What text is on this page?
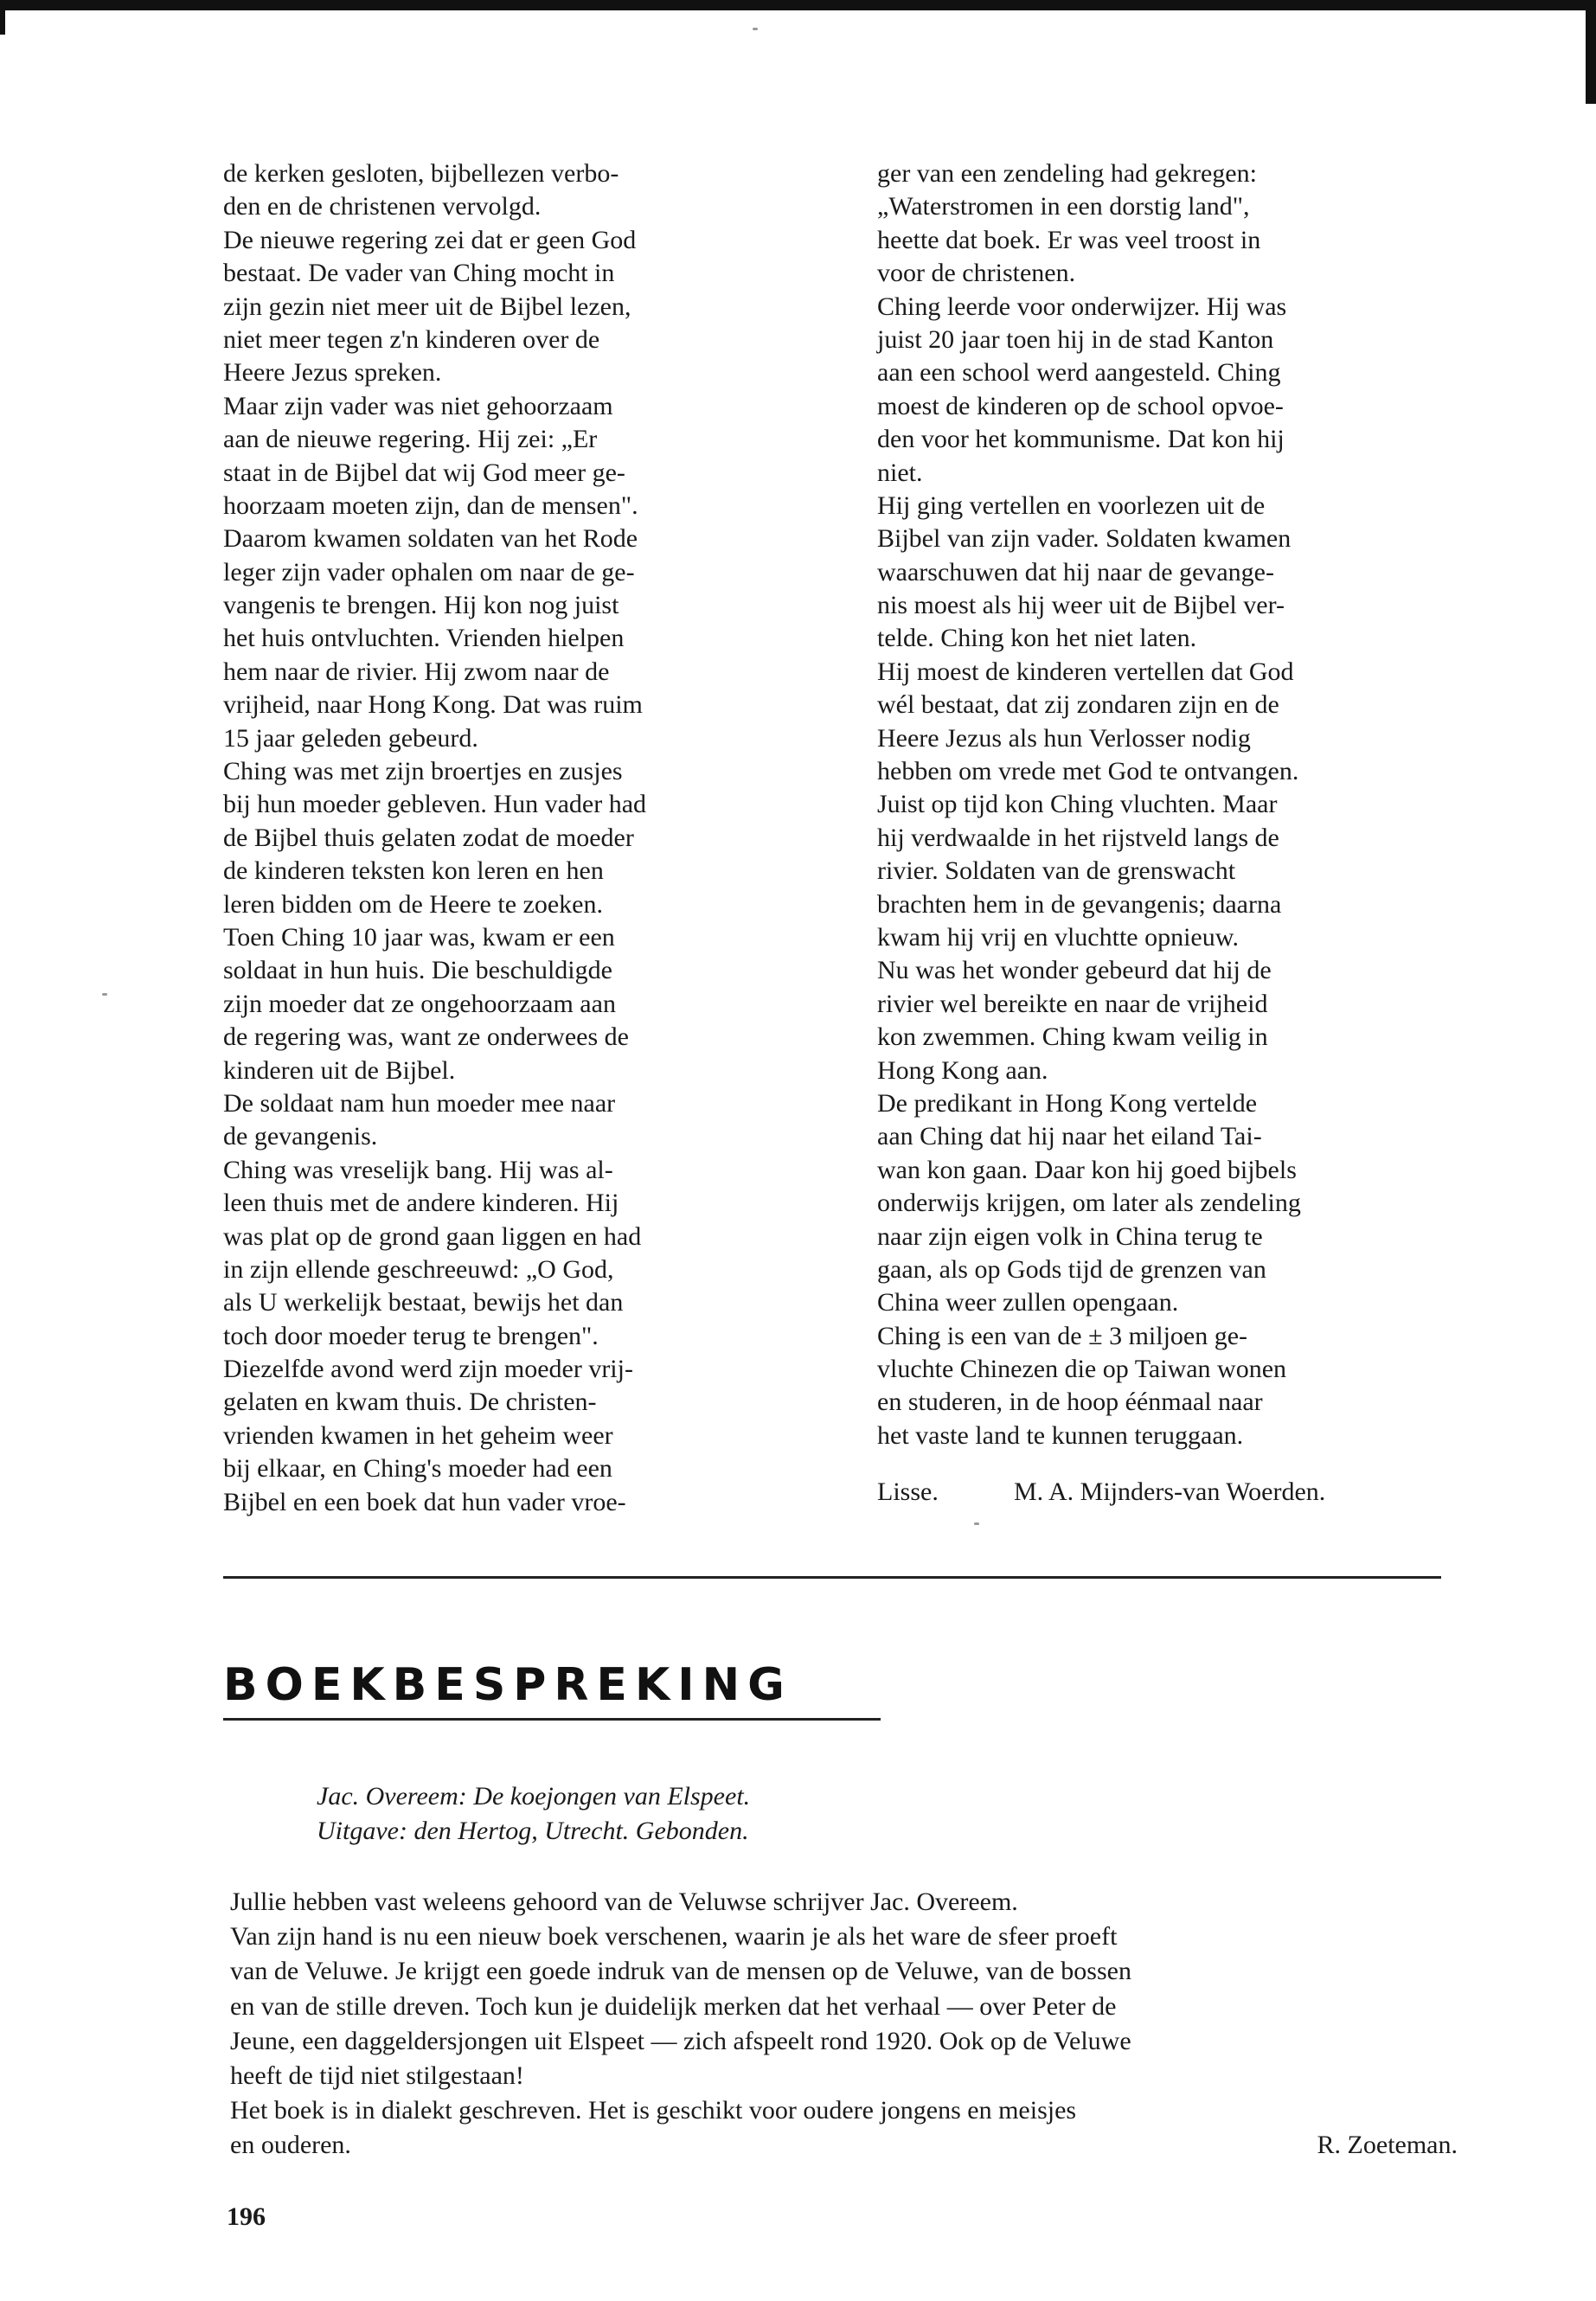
de kerken gesloten, bijbellezen verbo-
den en de christenen vervolgd.
De nieuwe regering zei dat er geen God
bestaat. De vader van Ching mocht in
zijn gezin niet meer uit de Bijbel lezen,
niet meer tegen z'n kinderen over de
Heere Jezus spreken.
Maar zijn vader was niet gehoorzaam
aan de nieuwe regering. Hij zei: „Er
staat in de Bijbel dat wij God meer ge-
hoorzaam moeten zijn, dan de mensen".
Daarom kwamen soldaten van het Rode
leger zijn vader ophalen om naar de ge-
vangenis te brengen. Hij kon nog juist
het huis ontvluchten. Vrienden hielpen
hem naar de rivier. Hij zwom naar de
vrijheid, naar Hong Kong. Dat was ruim
15 jaar geleden gebeurd.
Ching was met zijn broertjes en zusjes
bij hun moeder gebleven. Hun vader had
de Bijbel thuis gelaten zodat de moeder
de kinderen teksten kon leren en hen
leren bidden om de Heere te zoeken.
Toen Ching 10 jaar was, kwam er een
soldaat in hun huis. Die beschuldigde
zijn moeder dat ze ongehoorzaam aan
de regering was, want ze onderwees de
kinderen uit de Bijbel.
De soldaat nam hun moeder mee naar
de gevangenis.
Ching was vreselijk bang. Hij was al-
leen thuis met de andere kinderen. Hij
was plat op de grond gaan liggen en had
in zijn ellende geschreeuwd: „O God,
als U werkelijk bestaat, bewijs het dan
toch door moeder terug te brengen".
Diezelfde avond werd zijn moeder vrij-
gelaten en kwam thuis. De christen-
vrienden kwamen in het geheim weer
bij elkaar, en Ching's moeder had een
Bijbel en een boek dat hun vader vroe-
ger van een zendeling had gekregen:
„Waterstromen in een dorstig land",
heette dat boek. Er was veel troost in
voor de christenen.
Ching leerde voor onderwijzer. Hij was
juist 20 jaar toen hij in de stad Kanton
aan een school werd aangesteld. Ching
moest de kinderen op de school opvoe-
den voor het kommunisme. Dat kon hij
niet.
Hij ging vertellen en voorlezen uit de
Bijbel van zijn vader. Soldaten kwamen
waarschuwen dat hij naar de gevange-
nis moest als hij weer uit de Bijbel ver-
telde. Ching kon het niet laten.
Hij moest de kinderen vertellen dat God
wél bestaat, dat zij zondaren zijn en de
Heere Jezus als hun Verlosser nodig
hebben om vrede met God te ontvangen.
Juist op tijd kon Ching vluchten. Maar
hij verdwaalde in het rijstveld langs de
rivier. Soldaten van de grenswacht
brachten hem in de gevangenis; daarna
kwam hij vrij en vluchtte opnieuw.
Nu was het wonder gebeurd dat hij de
rivier wel bereikte en naar de vrijheid
kon zwemmen. Ching kwam veilig in
Hong Kong aan.
De predikant in Hong Kong vertelde
aan Ching dat hij naar het eiland Tai-
wan kon gaan. Daar kon hij goed bijbels
onderwijs krijgen, om later als zendeling
naar zijn eigen volk in China terug te
gaan, als op Gods tijd de grenzen van
China weer zullen opengaan.
Ching is een van de ± 3 miljoen ge-
vluchte Chinezen die op Taiwan wonen
en studeren, in de hoop éénmaal naar
het vaste land te kunnen teruggaan.
Lisse.	M. A. Mijnders-van Woerden.
BOEKBESPREKING
Jac. Overeem: De koejongen van Elspeet.
Uitgave: den Hertog, Utrecht. Gebonden.
Jullie hebben vast weleens gehoord van de Veluwse schrijver Jac. Overeem.
Van zijn hand is nu een nieuw boek verschenen, waarin je als het ware de sfeer proeft
van de Veluwe. Je krijgt een goede indruk van de mensen op de Veluwe, van de bossen
en van de stille dreven. Toch kun je duidelijk merken dat het verhaal — over Peter de
Jeune, een daggeldersjongen uit Elspeet — zich afspeelt rond 1920. Ook op de Veluwe
heeft de tijd niet stilgestaan!
Het boek is in dialekt geschreven. Het is geschikt voor oudere jongens en meisjes
en ouderen.	R. Zoeteman.
196
